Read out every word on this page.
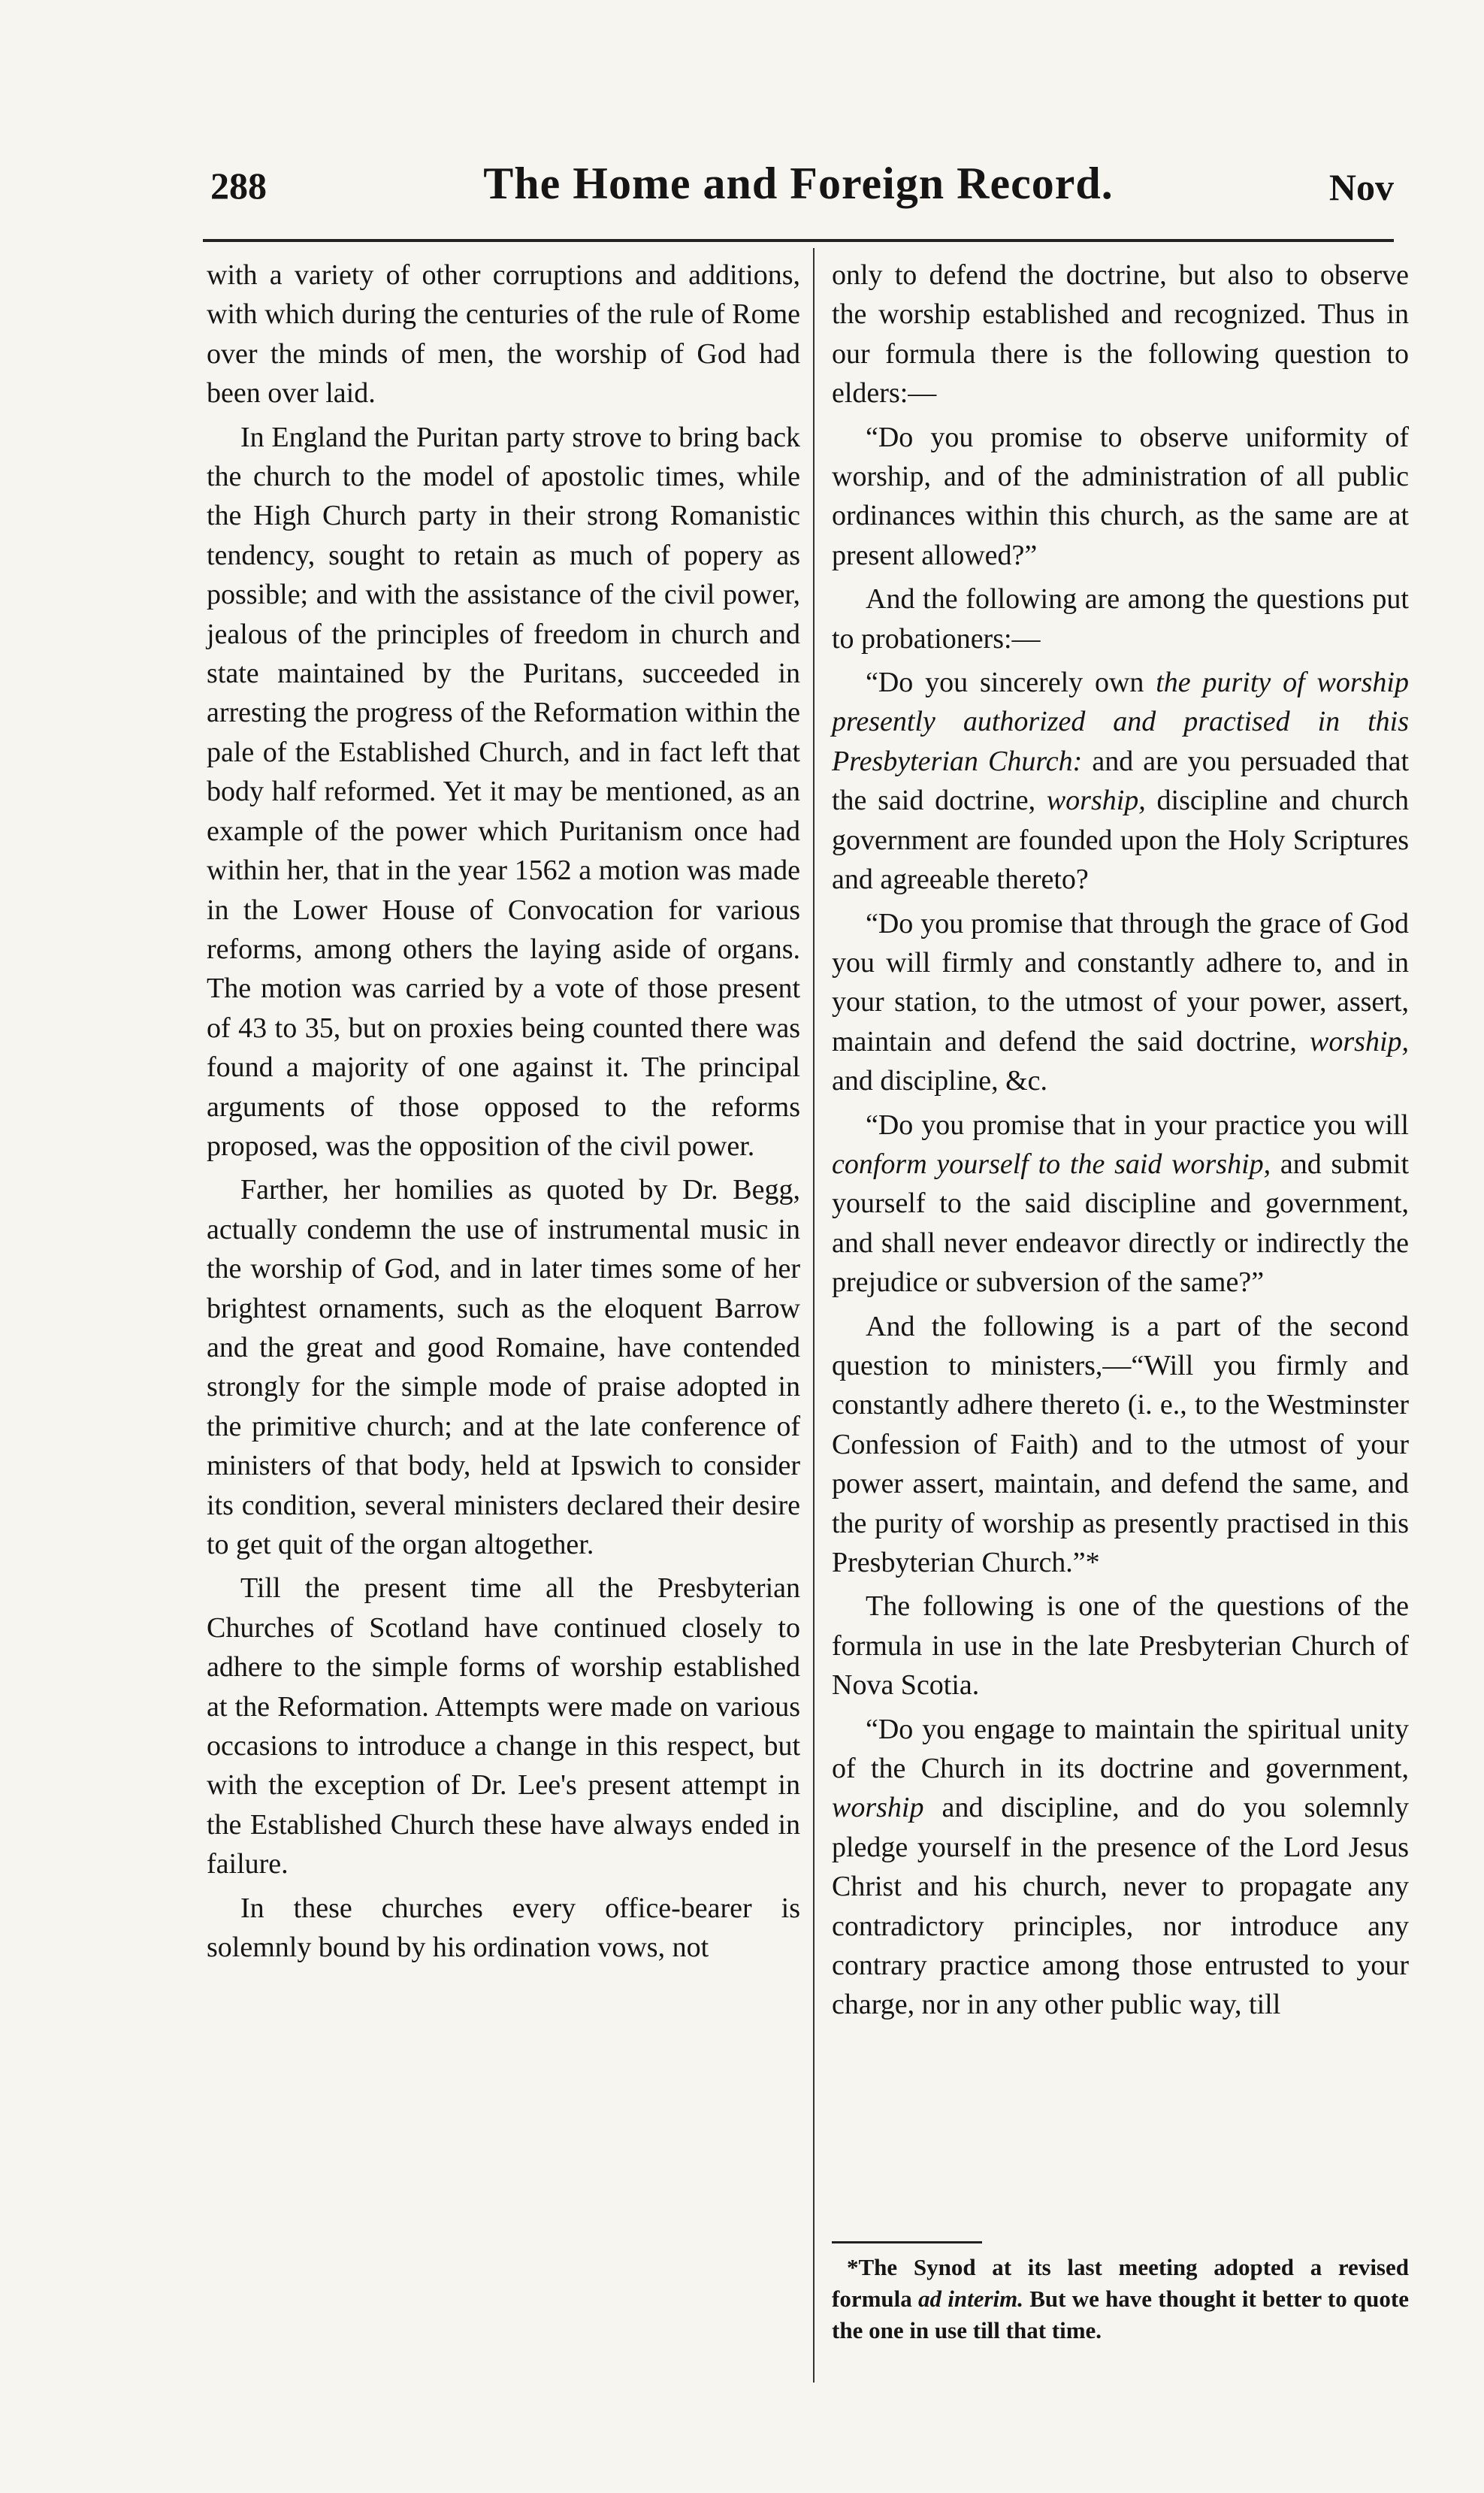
288	The Home and Foreign Record.	Nov

with a variety of other corruptions and additions, with which during the centuries of the rule of Rome over the minds of men, the worship of God had been over laid.

In England the Puritan party strove to bring back the church to the model of apostolic times, while the High Church party in their strong Romanistic tendency, sought to retain as much of popery as possible; and with the assistance of the civil power, jealous of the principles of freedom in church and state maintained by the Puritans, succeeded in arresting the progress of the Reformation within the pale of the Established Church, and in fact left that body half reformed. Yet it may be mentioned, as an example of the power which Puritanism once had within her, that in the year 1562 a motion was made in the Lower House of Convocation for various reforms, among others the laying aside of organs. The motion was carried by a vote of those present of 43 to 35, but on proxies being counted there was found a majority of one against it. The principal arguments of those opposed to the reforms proposed, was the opposition of the civil power.

Farther, her homilies as quoted by Dr. Begg, actually condemn the use of instrumental music in the worship of God, and in later times some of her brightest ornaments, such as the eloquent Barrow and the great and good Romaine, have contended strongly for the simple mode of praise adopted in the primitive church; and at the late conference of ministers of that body, held at Ipswich to consider its condition, several ministers declared their desire to get quit of the organ altogether.

Till the present time all the Presbyterian Churches of Scotland have continued closely to adhere to the simple forms of worship established at the Reformation. Attempts were made on various occasions to introduce a change in this respect, but with the exception of Dr. Lee's present attempt in the Established Church these have always ended in failure.

In these churches every office-bearer is solemnly bound by his ordination vows, not

only to defend the doctrine, but also to observe the worship established and recognized. Thus in our formula there is the following question to elders:—

“Do you promise to observe uniformity of worship, and of the administration of all public ordinances within this church, as the same are at present allowed?”

And the following are among the questions put to probationers:—

“Do you sincerely own the purity of worship presently authorized and practised in this Presbyterian Church: and are you persuaded that the said doctrine, worship, discipline and church government are founded upon the Holy Scriptures and agreeable thereto?

“Do you promise that through the grace of God you will firmly and constantly adhere to, and in your station, to the utmost of your power, assert, maintain and defend the said doctrine, worship, and discipline, &c.

“Do you promise that in your practice you will conform yourself to the said worship, and submit yourself to the said discipline and government, and shall never endeavor directly or indirectly the prejudice or subversion of the same?”

And the following is a part of the second question to ministers,—“Will you firmly and constantly adhere thereto (i. e., to the Westminster Confession of Faith) and to the utmost of your power assert, maintain, and defend the same, and the purity of worship as presently practised in this Presbyterian Church.”*

The following is one of the questions of the formula in use in the late Presbyterian Church of Nova Scotia.

“Do you engage to maintain the spiritual unity of the Church in its doctrine and government, worship and discipline, and do you solemnly pledge yourself in the presence of the Lord Jesus Christ and his church, never to propagate any contradictory principles, nor introduce any contrary practice among those entrusted to your charge, nor in any other public way, till

*The Synod at its last meeting adopted a revised formula ad interim. But we have thought it better to quote the one in use till that time.
